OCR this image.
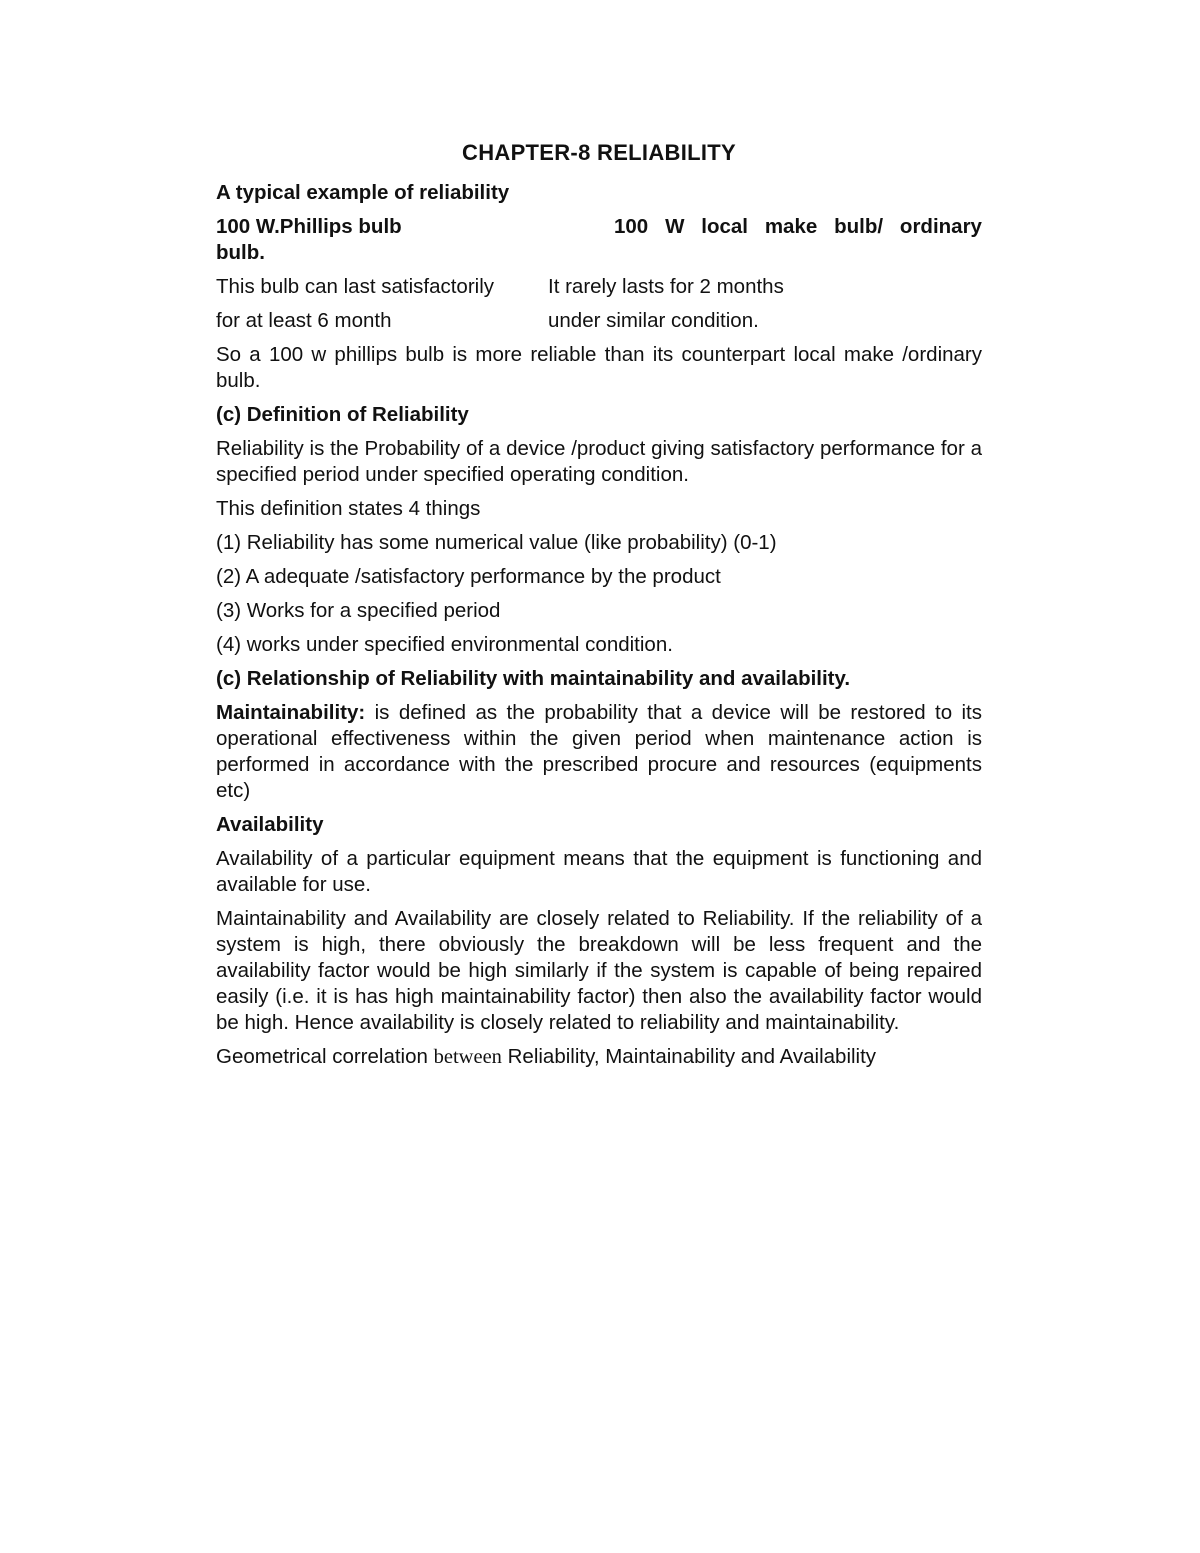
CHAPTER-8 RELIABILITY
A typical example of reliability
100 W.Phillips bulb	100 W local make bulb/ ordinary
bulb.
This bulb can last satisfactorily	It rarely lasts for 2 months
for at least 6 month	under similar condition.
So a 100 w phillips bulb is more reliable than its counterpart local make /ordinary bulb.
(c) Definition of Reliability
Reliability is the Probability of a device /product giving satisfactory performance for a specified period under specified operating condition.
This definition states 4 things
(1) Reliability has some numerical value (like probability) (0-1)
(2) A adequate /satisfactory performance by the product
(3) Works for a specified period
(4) works under specified environmental condition.
(c) Relationship of Reliability with maintainability and availability.
Maintainability: is defined as the probability that a device will be restored to its operational effectiveness within the given period when maintenance action is performed in accordance with the prescribed procure and resources (equipments etc)
Availability
Availability of a particular equipment means that the equipment is functioning and available for use.
Maintainability and Availability are closely related to Reliability. If the reliability of a system is high, there obviously the breakdown will be less frequent and the availability factor would be high similarly if the system is capable of being repaired easily (i.e. it is has high maintainability factor) then also the availability factor would be high. Hence availability is closely related to reliability and maintainability.
Geometrical correlation between Reliability, Maintainability and Availability
